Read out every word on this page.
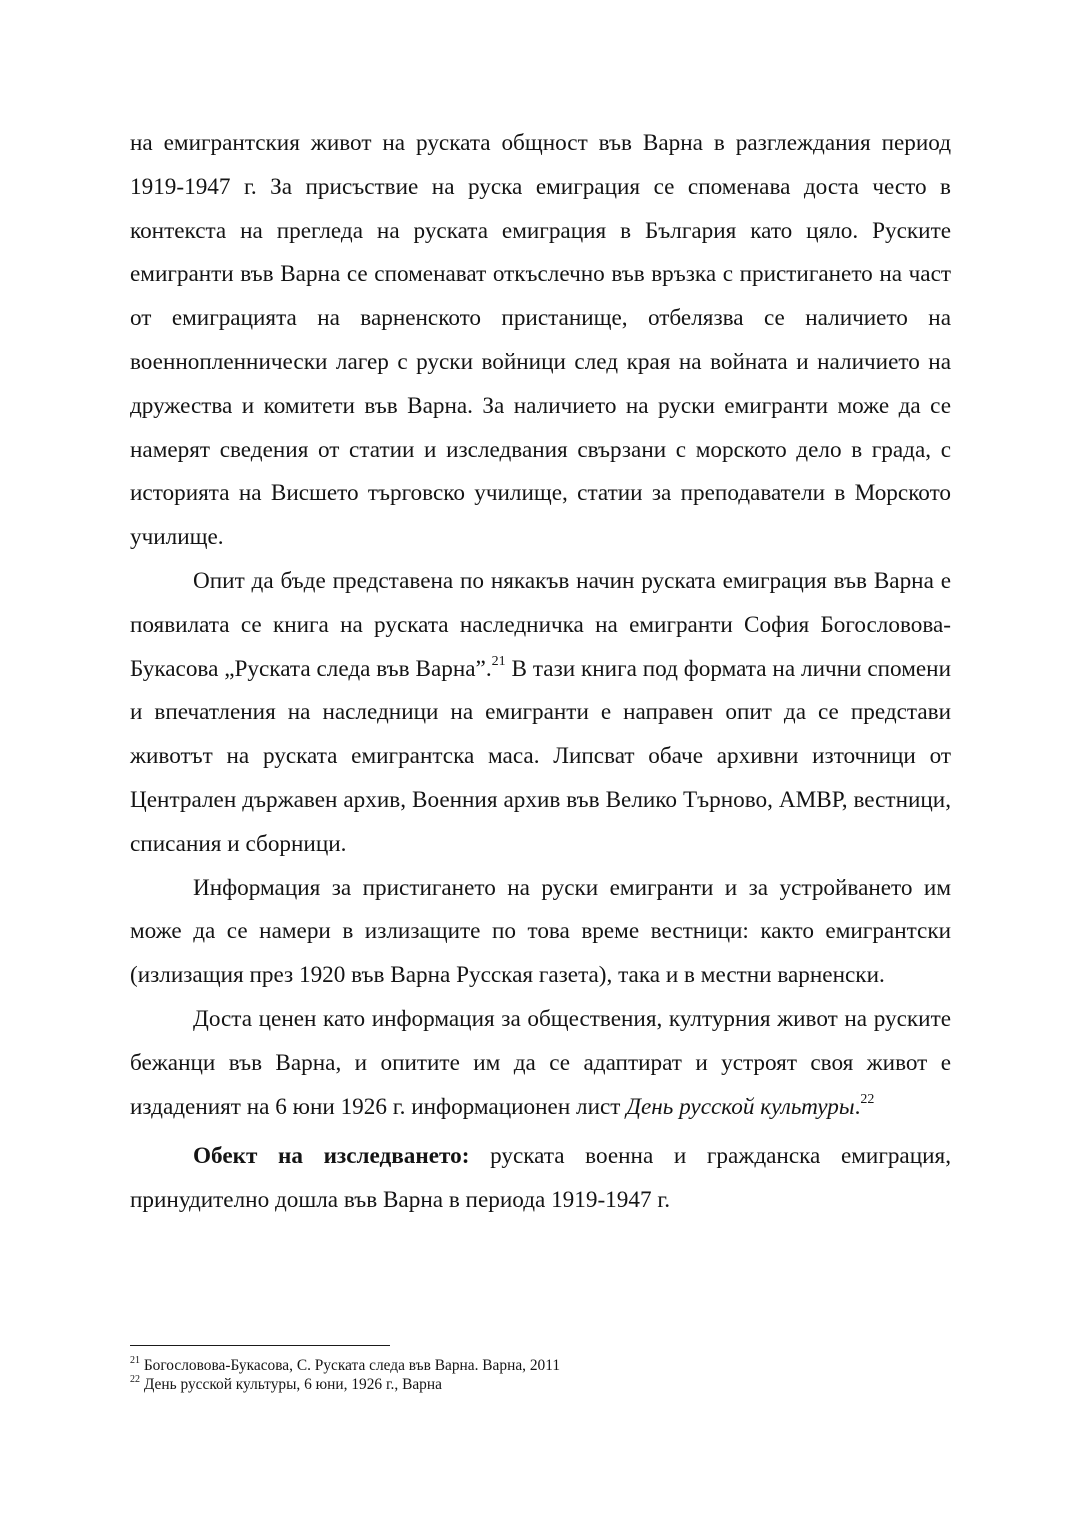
на емигрантския живот на руската общност във Варна в разглеждания период 1919-1947 г. За присъствие на руска емиграция се споменава доста често в контекста на прегледа на руската емиграция в България като цяло. Руските емигранти във Варна се споменават откъслечно във връзка с пристигането на част от емиграцията на варненското пристанище, отбелязва се наличието на военнопленнически лагер с руски войници след края на войната и наличието на дружества и комитети във Варна. За наличието на руски емигранти може да се намерят сведения от статии и изследвания свързани с морското дело в града, с историята на Висшето търговско училище, статии за преподаватели в Морското училище.

Опит да бъде представена по някакъв начин руската емиграция във Варна е появилата се книга на руската наследничка на емигранти София Богословова-Букасова „Руската следа във Варна”.$^{21}$ В тази книга под формата на лични спомени и впечатления на наследници на емигранти е направен опит да се представи животът на руската емигрантска маса. Липсват обаче архивни източници от Централен държавен архив, Военния архив във Велико Търново, АМВР, вестници, списания и сборници.

Информация за пристигането на руски емигранти и за устройването им може да се намери в излизащите по това време вестници: както емигрантски (излизащия през 1920 във Варна Русская газета), така и в местни варненски.

Доста ценен като информация за обществения, културния живот на руските бежанци във Варна, и опитите им да се адаптират и устроят своя живот е издаденият на 6 юни 1926 г. информационен лист День русской культуры.$^{22}$

Обект на изследването: руската военна и гражданска емиграция, принудително дошла във Варна в периода 1919-1947 г.

$^{21}$ Богословова-Букасова, С. Руската следа във Варна. Варна, 2011

$^{22}$ День русской культуры, 6 юни, 1926 г., Варна
